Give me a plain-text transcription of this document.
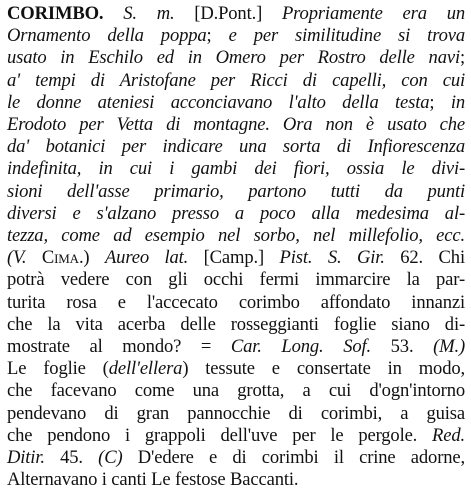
CORIMBO. S. m. [D.Pont.] Propriamente era un
Ornamento della poppa; e per similitudine si trova
usato in Eschilo ed in Omero per Rostro delle navi;
a' tempi di Aristofane per Ricci di capelli, con cui
le donne ateniesi acconciavano l'alto della testa; in
Erodoto per Vetta di montagne. Ora non è usato che
da' botanici per indicare una sorta di Infiorescenza
indefinita, in cui i gambi dei fiori, ossia le divi-
sioni dell'asse primario, partono tutti da punti
diversi e s'alzano presso a poco alla medesima al-
tezza, come ad esempio nel sorbo, nel millefolio, ecc.
(V. Cima.) Aureo lat. [Camp.] Pist. S. Gir. 62. Chi
potrà vedere con gli occhi fermi immarcire la par-
turita rosa e l'accecato corimbo affondato innanzi
che la vita acerba delle rosseggianti foglie siano di-
mostrate al mondo? = Car. Long. Sof. 53. (M.)
Le foglie (dell'ellera) tessute e consertate in modo,
che facevano come una grotta, a cui d'ogn'intorno
pendevano di gran pannocchie di corimbi, a guisa
che pendono i grappoli dell'uve per le pergole. Red.
Ditir. 45. (C) D'edere e di corimbi il crine adorne,
Alternavano i canti Le festose Baccanti.
